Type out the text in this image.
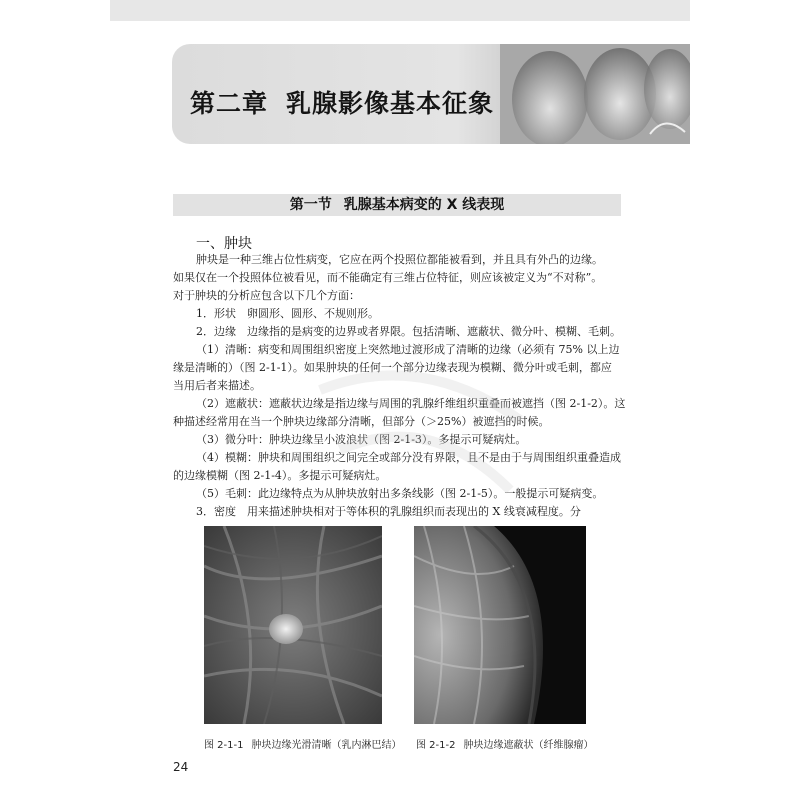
第二章 乳腺影像基本征象
第一节 乳腺基本病变的 X 线表现
一、肿块
肿块是一种三维占位性病变，它应在两个投照位都能被看到，并且具有外凸的边缘。
如果仅在一个投照体位被看见，而不能确定有三维占位特征，则应该被定义为“不对称”。
对于肿块的分析应包含以下几个方面：
1．形状　卵圆形、圆形、不规则形。
2．边缘　边缘指的是病变的边界或者界限。包括清晰、遮蔽状、微分叶、模糊、毛刺。
（1）清晰：病变和周围组织密度上突然地过渡形成了清晰的边缘（必须有 75% 以上边
缘是清晰的）（图 2-1-1）。如果肿块的任何一个部分边缘表现为模糊、微分叶或毛刺，都应
当用后者来描述。
（2）遮蔽状：遮蔽状边缘是指边缘与周围的乳腺纤维组织重叠而被遮挡（图 2-1-2）。这
种描述经常用在当一个肿块边缘部分清晰，但部分（＞25%）被遮挡的时候。
（3）微分叶：肿块边缘呈小波浪状（图 2-1-3）。多提示可疑病灶。
（4）模糊：肿块和周围组织之间完全或部分没有界限，且不是由于与周围组织重叠造成
的边缘模糊（图 2-1-4）。多提示可疑病灶。
（5）毛刺：此边缘特点为从肿块放射出多条线影（图 2-1-5）。一般提示可疑病变。
3．密度　用来描述肿块相对于等体积的乳腺组织而表现出的 X 线衰减程度。分
图 2-1-1 肿块边缘光滑清晰（乳内淋巴结） 图 2-1-2 肿块边缘遮蔽状（纤维腺瘤）
24
